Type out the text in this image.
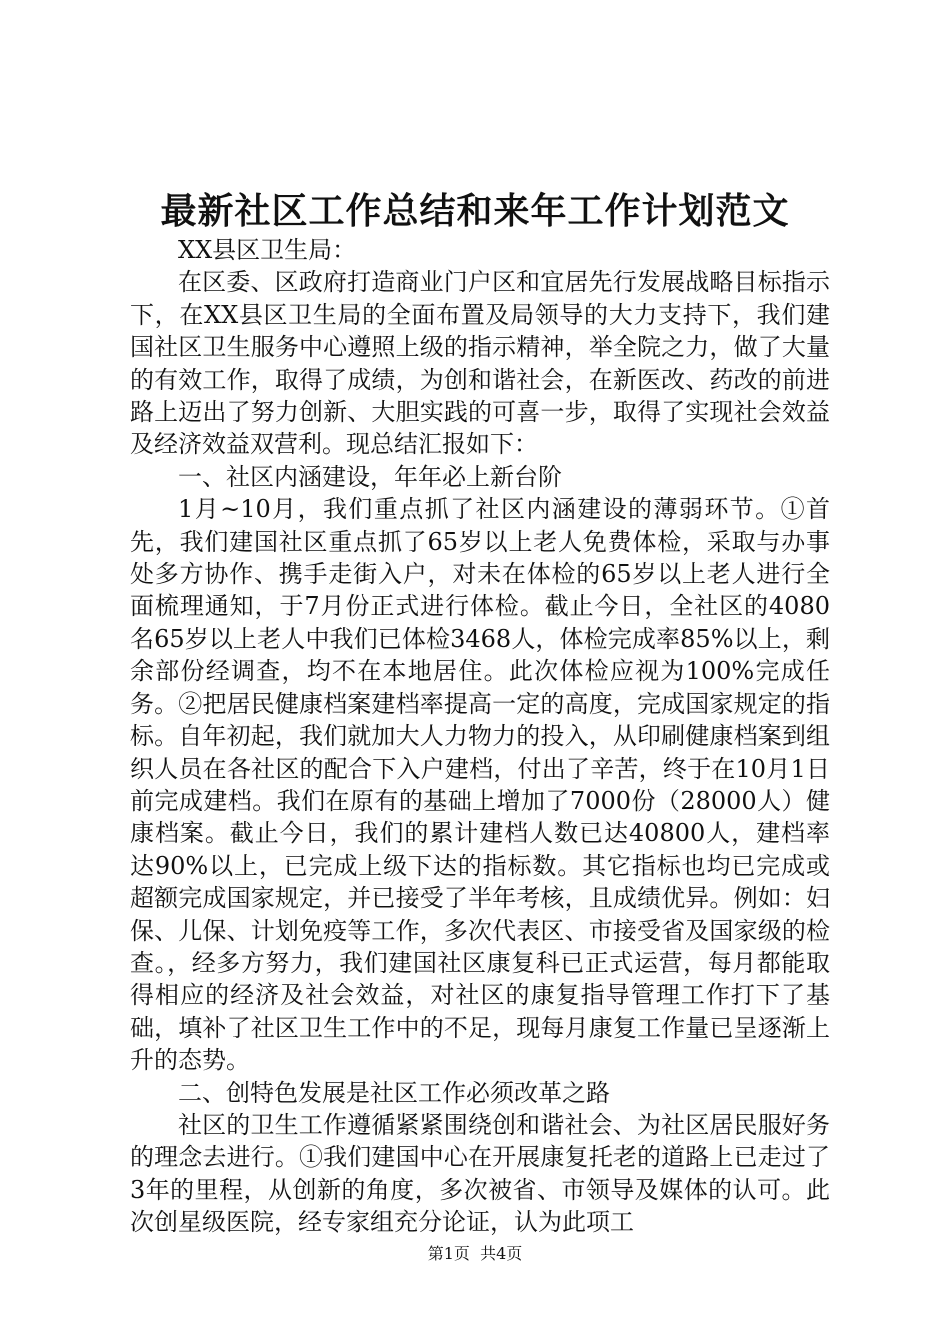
最新社区工作总结和来年工作计划范文

XX县区卫生局：

在区委、区政府打造商业门户区和宜居先行发展战略目标指示下，在XX县区卫生局的全面布置及局领导的大力支持下，我们建国社区卫生服务中心遵照上级的指示精神，举全院之力，做了大量的有效工作，取得了成绩，为创和谐社会，在新医改、药改的前进路上迈出了努力创新、大胆实践的可喜一步，取得了实现社会效益及经济效益双营利。现总结汇报如下：

一、社区内涵建设，年年必上新台阶

1月~10月，我们重点抓了社区内涵建设的薄弱环节。①首先，我们建国社区重点抓了65岁以上老人免费体检，采取与办事处多方协作、携手走街入户，对未在体检的65岁以上老人进行全面梳理通知，于7月份正式进行体检。截止今日，全社区的4080名65岁以上老人中我们已体检3468人，体检完成率85%以上，剩余部份经调查，均不在本地居住。此次体检应视为100%完成任务。②把居民健康档案建档率提高一定的高度，完成国家规定的指标。自年初起，我们就加大人力物力的投入，从印刷健康档案到组织人员在各社区的配合下入户建档，付出了辛苦，终于在10月1日前完成建档。我们在原有的基础上增加了7000份（28000人）健康档案。截止今日，我们的累计建档人数已达40800人，建档率达90%以上，已完成上级下达的指标数。其它指标也均已完成或超额完成国家规定，并已接受了半年考核，且成绩优异。例如：妇保、儿保、计划免疫等工作，多次代表区、市接受省及国家级的检查。，经多方努力，我们建国社区康复科已正式运营，每月都能取得相应的经济及社会效益，对社区的康复指导管理工作打下了基础，填补了社区卫生工作中的不足，现每月康复工作量已呈逐渐上升的态势。

二、创特色发展是社区工作必须改革之路

社区的卫生工作遵循紧紧围绕创和谐社会、为社区居民服好务的理念去进行。①我们建国中心在开展康复托老的道路上已走过了3年的里程，从创新的角度，多次被省、市领导及媒体的认可。此次创星级医院，经专家组充分论证，认为此项工

第1页 共4页
